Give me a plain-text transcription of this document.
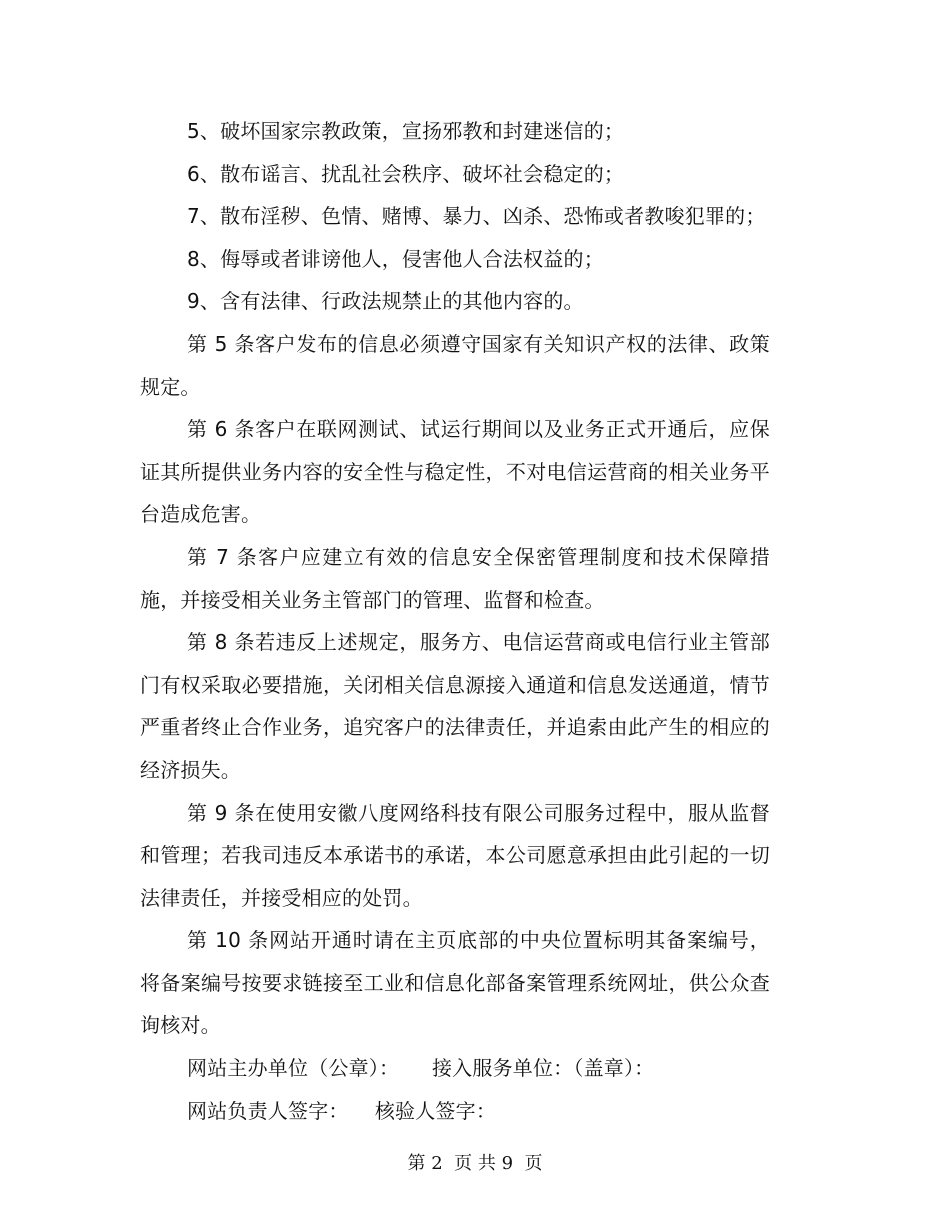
5、破坏国家宗教政策，宣扬邪教和封建迷信的；

6、散布谣言、扰乱社会秩序、破坏社会稳定的；

7、散布淫秽、色情、赌博、暴力、凶杀、恐怖或者教唆犯罪的；

8、侮辱或者诽谤他人，侵害他人合法权益的；

9、含有法律、行政法规禁止的其他内容的。

第 5 条客户发布的信息必须遵守国家有关知识产权的法律、政策规定。

第 6 条客户在联网测试、试运行期间以及业务正式开通后，应保证其所提供业务内容的安全性与稳定性，不对电信运营商的相关业务平台造成危害。

第 7 条客户应建立有效的信息安全保密管理制度和技术保障措施，并接受相关业务主管部门的管理、监督和检查。

第 8 条若违反上述规定，服务方、电信运营商或电信行业主管部门有权采取必要措施，关闭相关信息源接入通道和信息发送通道，情节严重者终止合作业务，追究客户的法律责任，并追索由此产生的相应的经济损失。

第 9 条在使用安徽八度网络科技有限公司服务过程中，服从监督和管理；若我司违反本承诺书的承诺，本公司愿意承担由此引起的一切法律责任，并接受相应的处罚。

第 10 条网站开通时请在主页底部的中央位置标明其备案编号，将备案编号按要求链接至工业和信息化部备案管理系统网址，供公众查询核对。

网站主办单位（公章）：     接入服务单位：（盖章）：

网站负责人签字：    核验人签字：

第 2  页 共 9  页
